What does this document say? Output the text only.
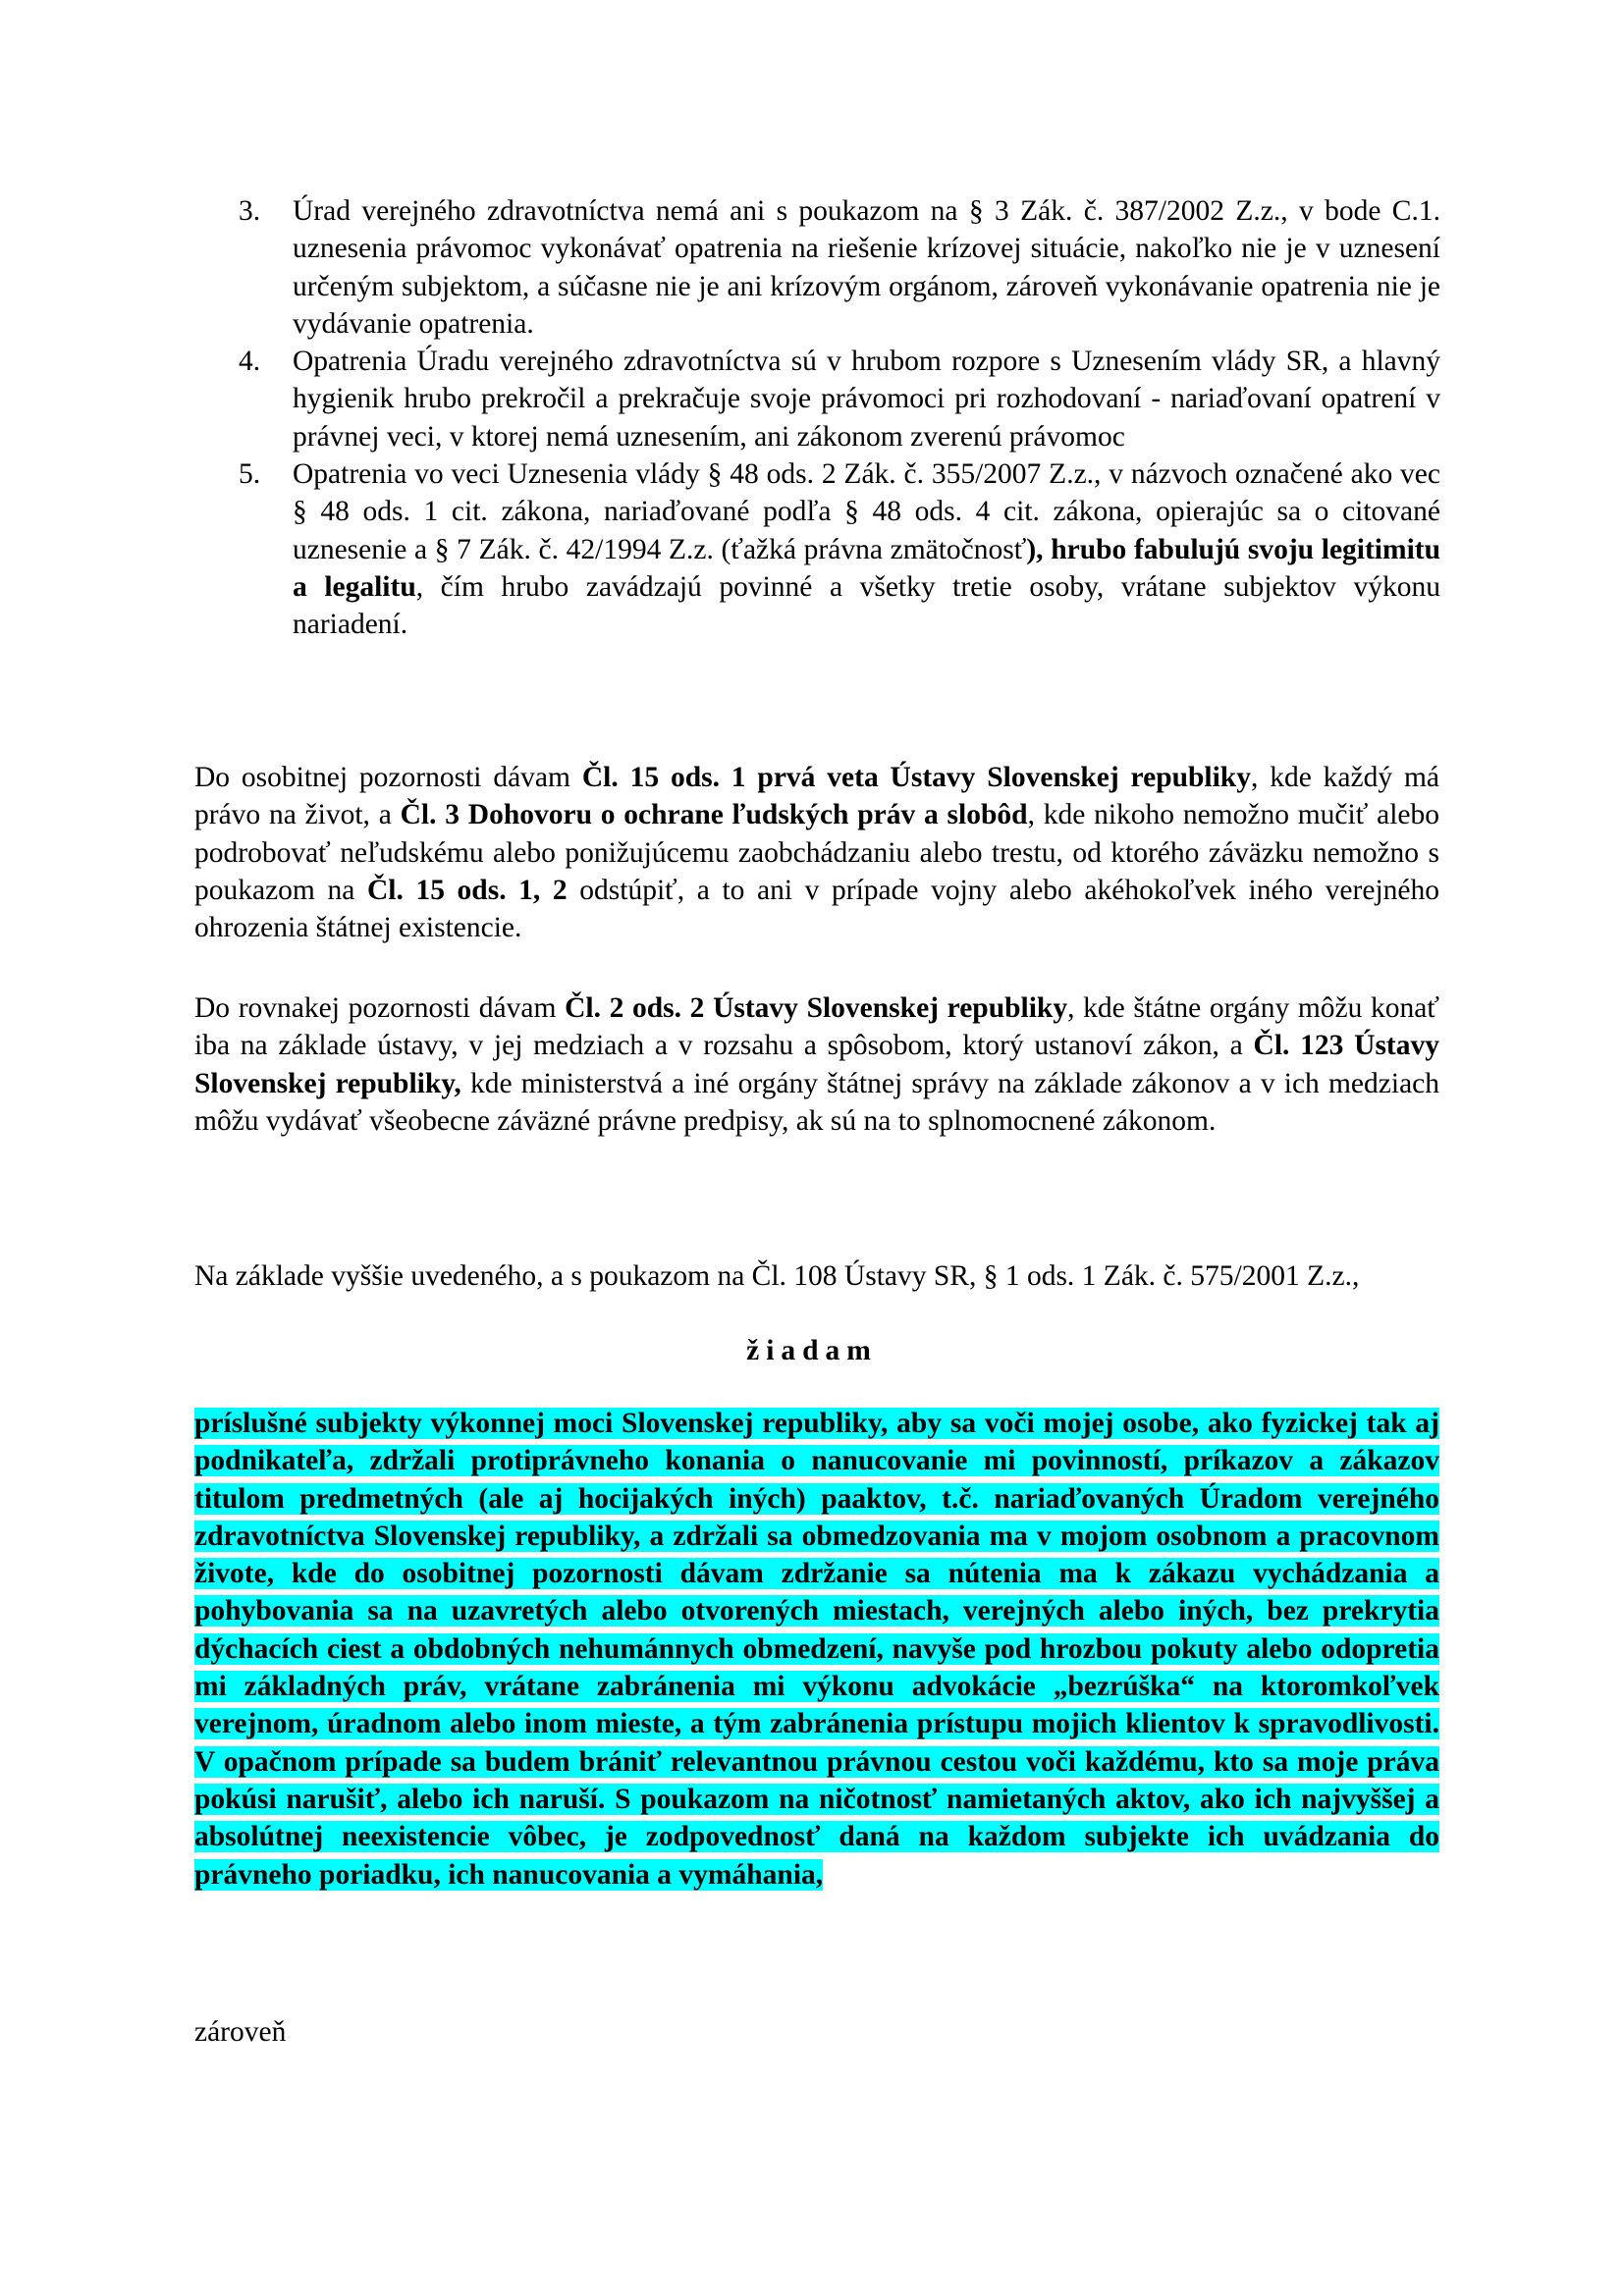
3. Úrad verejného zdravotníctva nemá ani s poukazom na § 3 Zák. č. 387/2002 Z.z., v bode C.1. uznesenia právomoc vykonávať opatrenia na riešenie krízovej situácie, nakoľko nie je v uznesení určeným subjektom, a súčasne nie je ani krízovým orgánom, zároveň vykonávanie opatrenia nie je vydávanie opatrenia.
4. Opatrenia Úradu verejného zdravotníctva sú v hrubom rozpore s Uznesením vlády SR, a hlavný hygienik hrubo prekročil a prekračuje svoje právomoci pri rozhodovaní - nariaďovaní opatrení v právnej veci, v ktorej nemá uznesením, ani zákonom zverenú právomoc
5. Opatrenia vo veci Uznesenia vlády § 48 ods. 2 Zák. č. 355/2007 Z.z., v názvoch označené ako vec § 48 ods. 1 cit. zákona, nariaďované podľa § 48 ods. 4 cit. zákona, opierajúc sa o citované uznesenie a § 7 Zák. č. 42/1994 Z.z. (ťažká právna zmätočnosť), hrubo fabulujú svoju legitimitu a legalitu, čím hrubo zavádzajú povinné a všetky tretie osoby, vrátane subjektov výkonu nariadení.

Do osobitnej pozornosti dávam Čl. 15 ods. 1 prvá veta Ústavy Slovenskej republiky, kde každý má právo na život, a Čl. 3 Dohovoru o ochrane ľudských práv a slobôd, kde nikoho nemožno mučiť alebo podrobovať neľudskému alebo ponižujúcemu zaobchádzaniu alebo trestu, od ktorého záväzku nemožno s poukazom na Čl. 15 ods. 1, 2 odstúpiť, a to ani v prípade vojny alebo akéhokoľvek iného verejného ohrozenia štátnej existencie.

Do rovnakej pozornosti dávam Čl. 2 ods. 2 Ústavy Slovenskej republiky, kde štátne orgány môžu konať iba na základe ústavy, v jej medziach a v rozsahu a spôsobom, ktorý ustanoví zákon, a Čl. 123 Ústavy Slovenskej republiky, kde ministerstvá a iné orgány štátnej správy na základe zákonov a v ich medziach môžu vydávať všeobecne záväzné právne predpisy, ak sú na to splnomocnené zákonom.

Na základe vyššie uvedeného, a s poukazom na Čl. 108 Ústavy SR, § 1 ods. 1 Zák. č. 575/2001 Z.z.,

žiadam

príslušné subjekty výkonnej moci Slovenskej republiky, aby sa voči mojej osobe, ako fyzickej tak aj podnikateľa, zdržali protiprávneho konania o nanucovanie mi povinností, príkazov a zákazov titulom predmetných (ale aj hocijakých iných) paaktov, t.č. nariaďovaných Úradom verejného zdravotníctva Slovenskej republiky, a zdržali sa obmedzovania ma v mojom osobnom a pracovnom živote, kde do osobitnej pozornosti dávam zdržanie sa nútenia ma k zákazu vychádzania a pohybovania sa na uzavretých alebo otvorených miestach, verejných alebo iných, bez prekrytia dýchacích ciest a obdobných nehumánnych obmedzení, navyše pod hrozbou pokuty alebo odopretia mi základných práv, vrátane zabránenia mi výkonu advokácie „bezrúška“ na ktoromkoľvek verejnom, úradnom alebo inom mieste, a tým zabránenia prístupu mojich klientov k spravodlivosti. V opačnom prípade sa budem brániť relevantnou právnou cestou voči každému, kto sa moje práva pokúsi narušiť, alebo ich naruší. S poukazom na ničotnosť namietaných aktov, ako ich najvyššej a absolútnej neexistencie vôbec, je zodpovednosť daná na každom subjekte ich uvádzania do právneho poriadku, ich nanucovania a vymáhania,

zároveň
